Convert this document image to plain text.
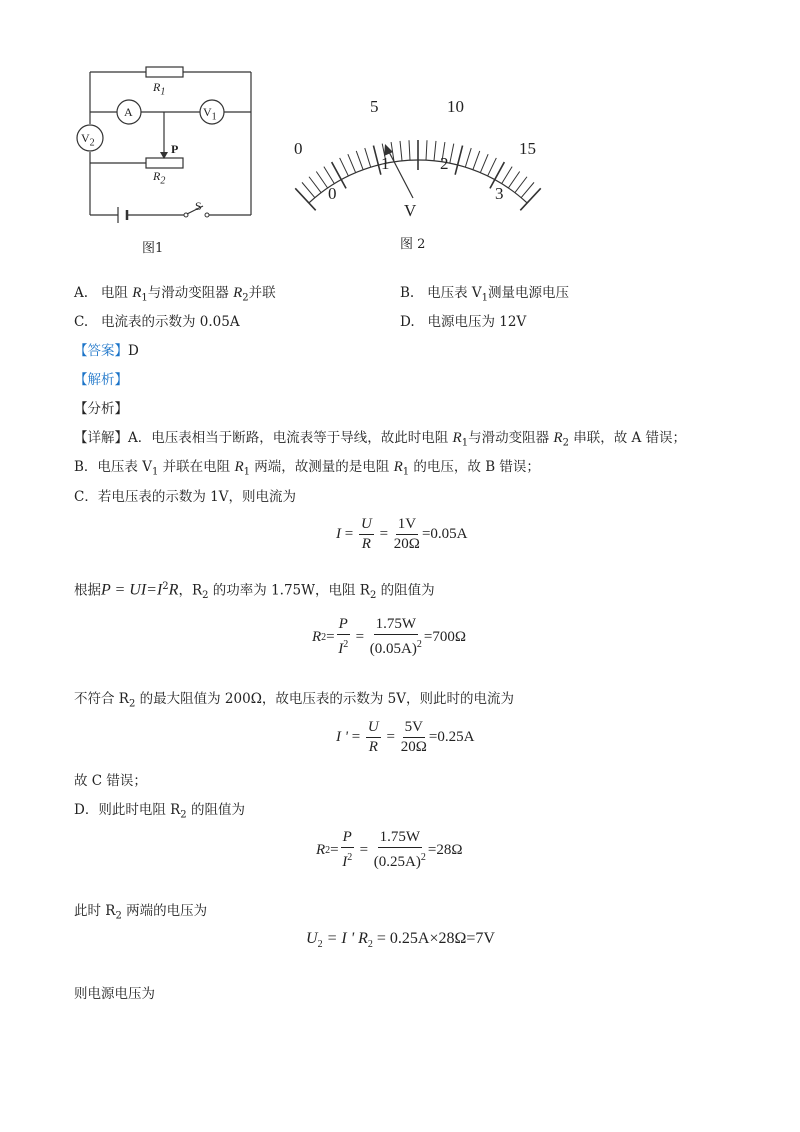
$R_1$
$R_2$
A	$V_1$
$V_2$	P
S
图1
0
5	10
15
0
1	2
3
V
图 2
A. 电阻 $R_1$与滑动变阻器 $R_2$并联	B. 电压表 $V_1$测量电源电压
C. 电流表的示数为 0.05A	D. 电源电压为 12V
【答案】D
【解析】
【分析】
【详解】A．电压表相当于断路，电流表等于导线，故此时电阻 $R_1$与滑动变阻器 $R_2$ 串联，故 A 错误；
B．电压表 $V_1$ 并联在电阻 $R_1$ 两端，故测量的是电阻 $R_1$ 的电压，故 B 错误；
C．若电压表的示数为 1V，则电流为
$I = \frac{U}{R} = \frac{1V}{20\Omega} =0.05A$
根据$P = UI=I^2R$，$R_2$ 的功率为 1.75W，电阻 $R_2$ 的阻值为
R $2 = \frac{P}{I^2} = \frac{1.75W}{(0.05A)^2} =700\Omega$
不符合 $R_2$ 的最大阻值为 200Ω，故电压表的示数为 5V，则此时的电流为
I ' = $\frac{U}{R} = \frac{5V}{20\Omega} =0.25A$
故 C 错误；
D．则此时电阻 $R_2$ 的阻值为
R $2 = \frac{P}{I^2} = \frac{1.75W}{(0.25A)^2} =28\Omega$
此时 $R_2$ 两端的电压为
$U_2 = I$ ' $R_2 = 0.25A\times 28\Omega=7V$
则电源电压为
